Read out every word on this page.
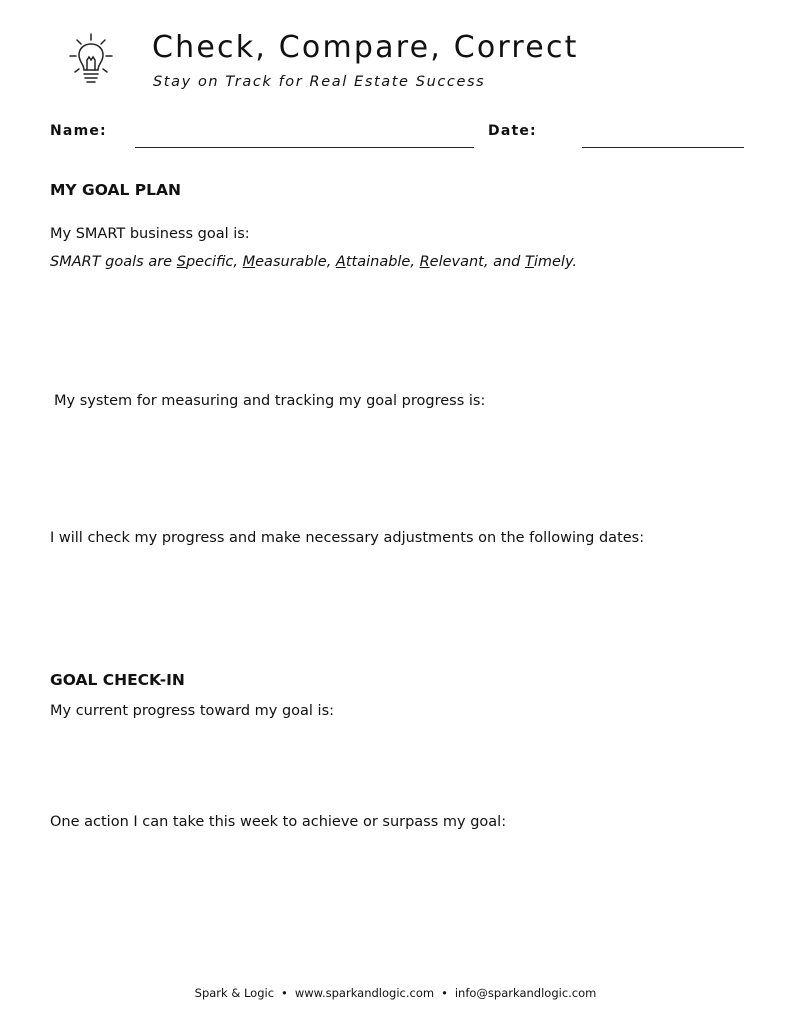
Check, Compare, Correct
Stay on Track for Real Estate Success
Name:	Date:
MY GOAL PLAN
My SMART business goal is:
SMART goals are Specific, Measurable, Attainable, Relevant, and Timely.
My system for measuring and tracking my goal progress is:
I will check my progress and make necessary adjustments on the following dates:
GOAL CHECK-IN
My current progress toward my goal is:
One action I can take this week to achieve or surpass my goal:
Spark & Logic • www.sparkandlogic.com • info@sparkandlogic.com
